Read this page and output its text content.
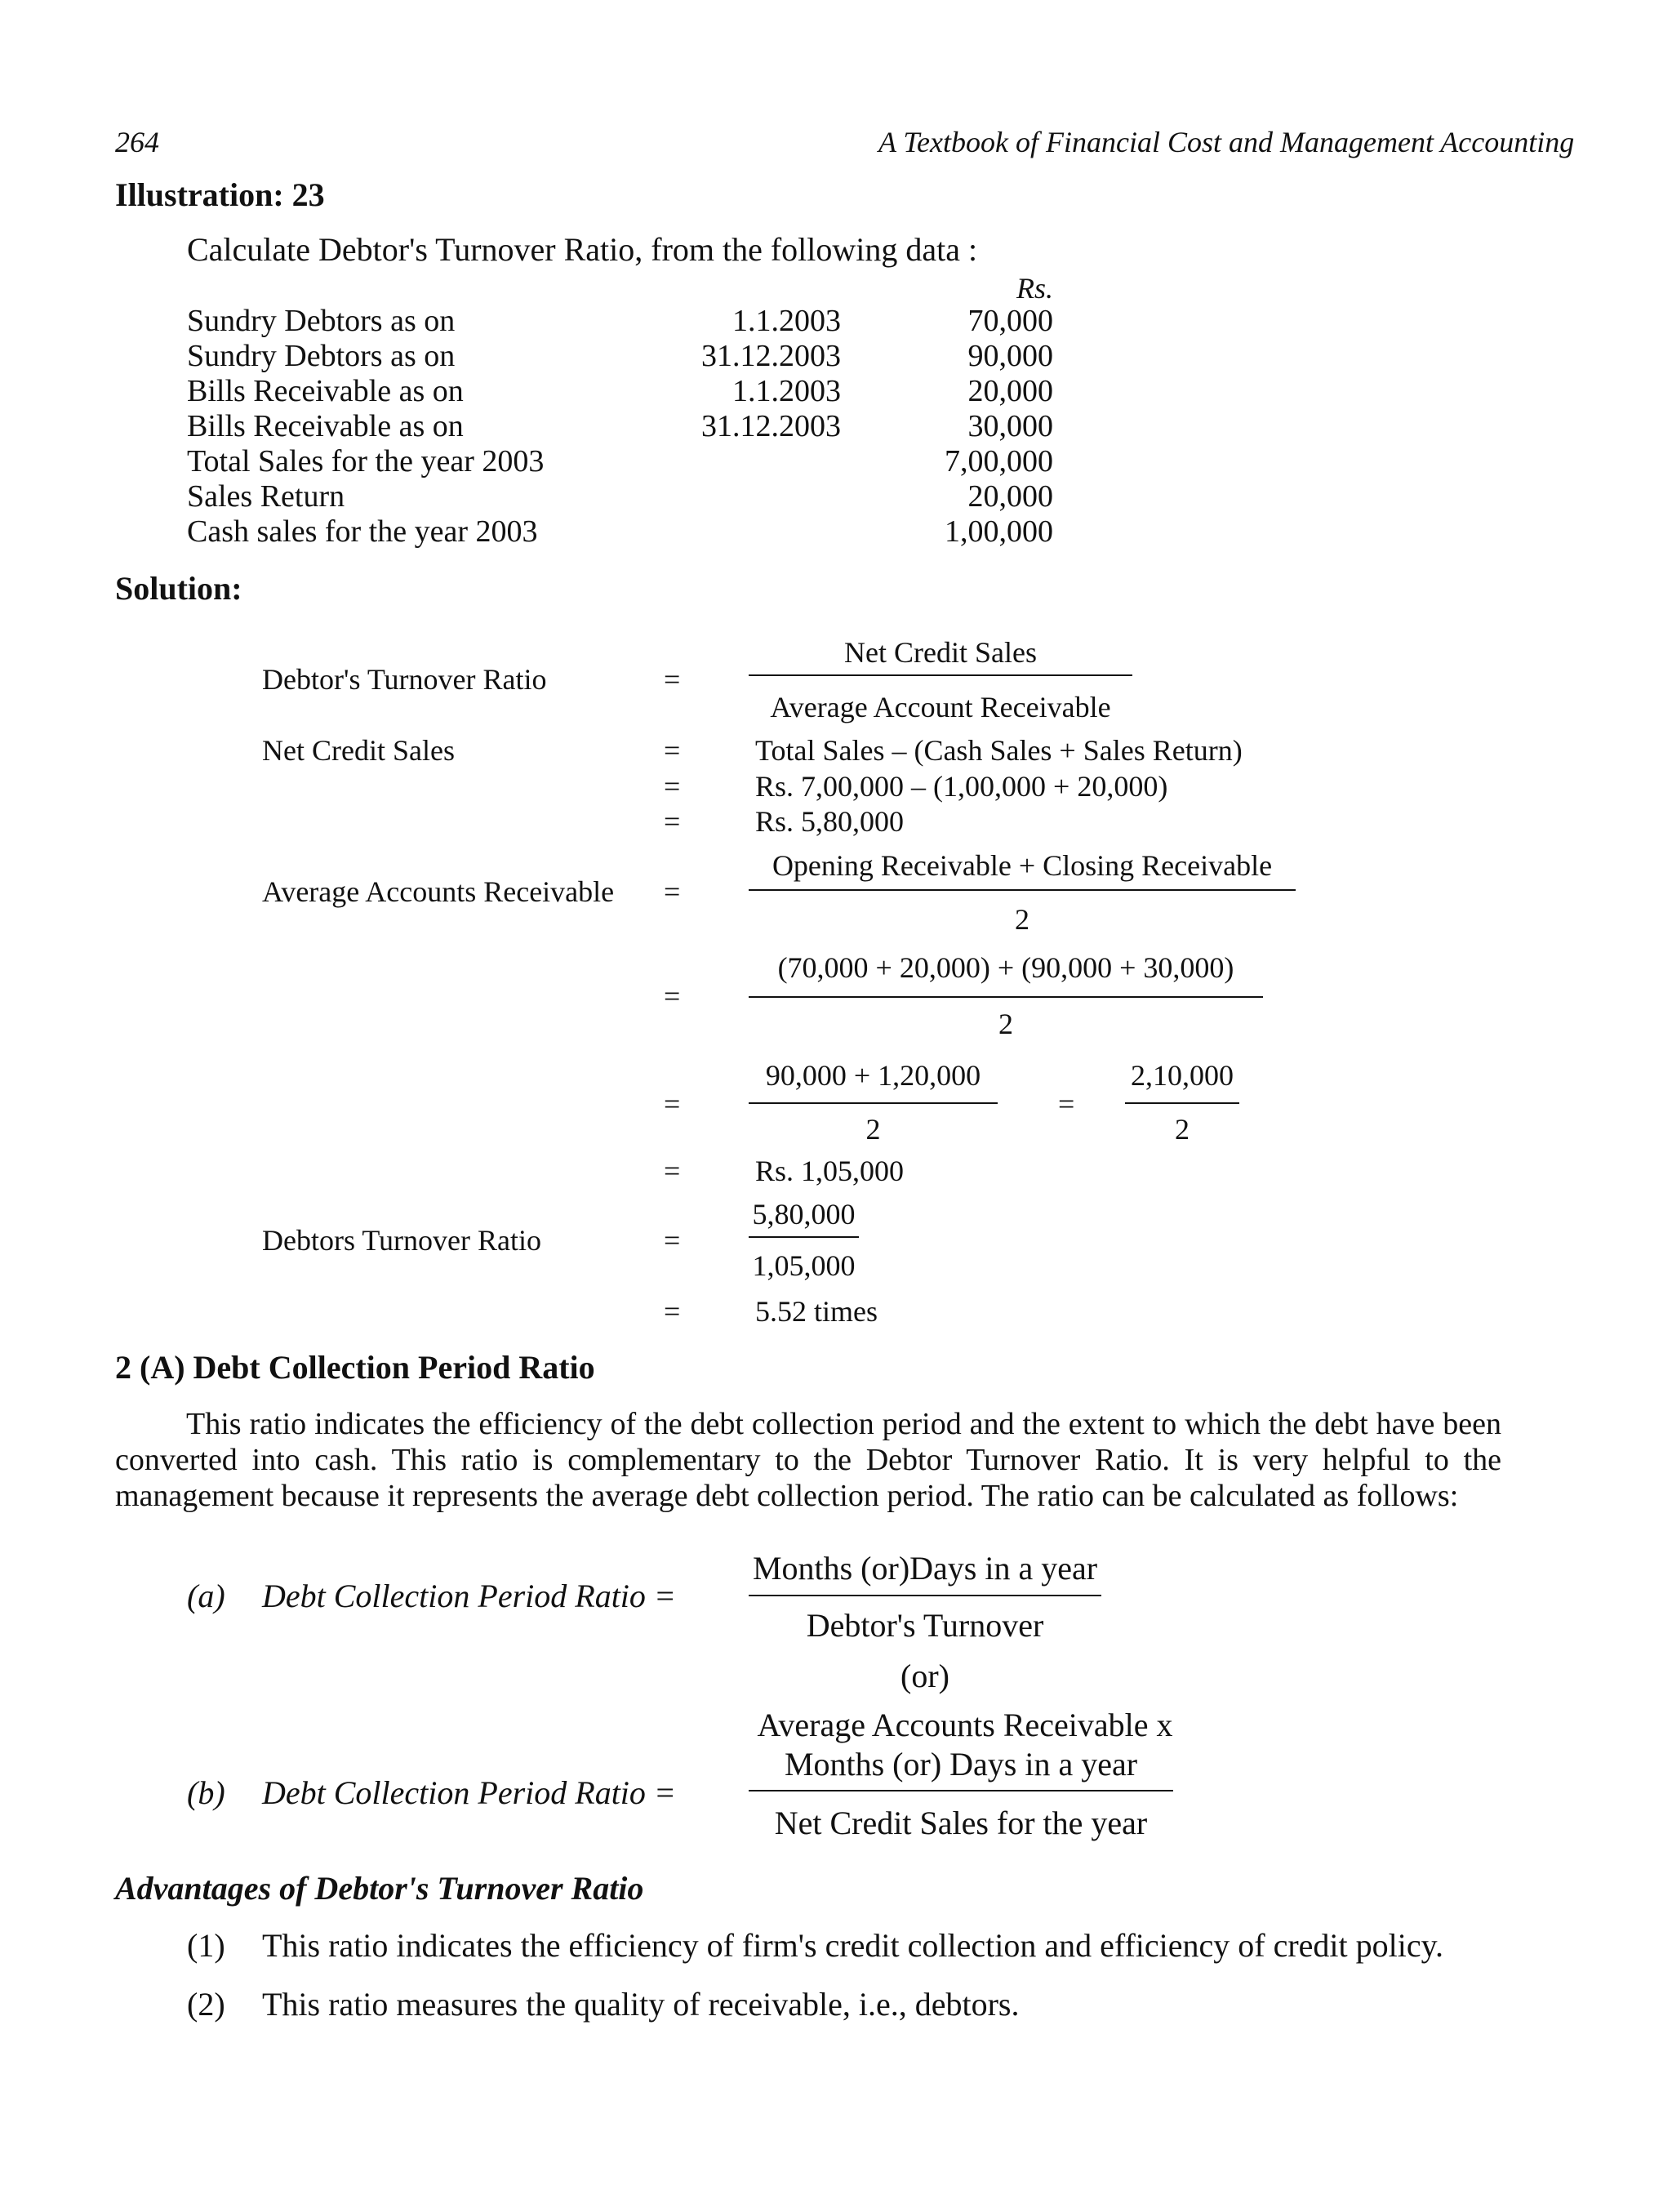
264	A Textbook of Financial Cost and Management Accounting
Illustration: 23
Calculate Debtor's Turnover Ratio, from the following data :
Rs.
Sundry Debtors as on	1.1.2003	70,000
Sundry Debtors as on	31.12.2003	90,000
Bills Receivable as on	1.1.2003	20,000
Bills Receivable as on	31.12.2003	30,000
Total Sales for the year 2003	7,00,000
Sales Return	20,000
Cash sales for the year 2003	1,00,000
Solution:
Debtor's Turnover Ratio	=
Net Credit Sales
Average Account Receivable
Net Credit Sales	=	Total Sales – (Cash Sales + Sales Return)
=	Rs. 7,00,000 – (1,00,000 + 20,000)
=	Rs. 5,80,000
Average Accounts Receivable =
Opening Receivable + Closing Receivable
2
=
(70,000 + 20,000) + (90,000 + 30,000)
2
=
90,000 + 1,20,000
2
=
2,10,000
2
=	Rs. 1,05,000
Debtors Turnover Ratio	=
5,80,000
1,05,000
=	5.52 times
2 (A) Debt Collection Period Ratio
This ratio indicates the efficiency of the debt collection period and the extent to which the debt have been converted into cash. This ratio is complementary to the Debtor Turnover Ratio. It is very helpful to the management because it represents the average debt collection period. The ratio can be calculated as follows:
(a) Debt Collection Period Ratio =
Months (or)Days in a year
Debtor's Turnover
(or)
Average Accounts Receivable x
Months (or) Days in a year
(b) Debt Collection Period Ratio =
Net Credit Sales for the year
Advantages of Debtor's Turnover Ratio
(1) This ratio indicates the efficiency of firm's credit collection and efficiency of credit policy.
(2) This ratio measures the quality of receivable, i.e., debtors.
